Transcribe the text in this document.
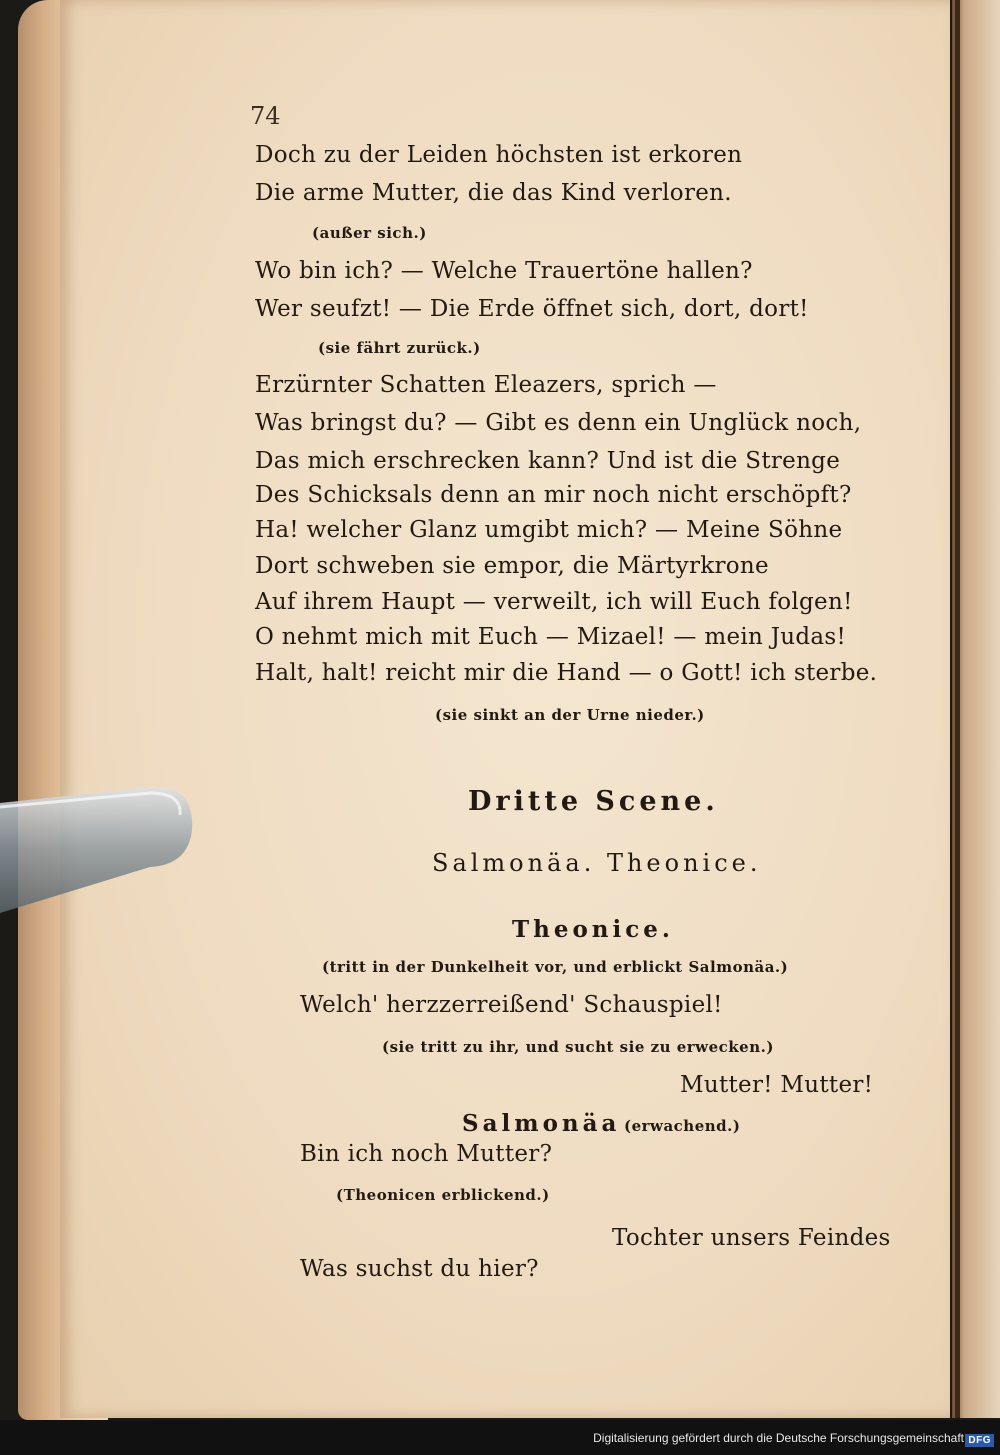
74
Doch zu der Leiden höchsten ist erkoren
Die arme Mutter, die das Kind verloren.
(außer sich.)
Wo bin ich? — Welche Trauertöne hallen?
Wer seufzt! — Die Erde öffnet sich, dort, dort!
(sie fährt zurück.)
Erzürnter Schatten Eleazers, sprich —
Was bringst du? — Gibt es denn ein Unglück noch,
Das mich erschrecken kann? Und ist die Strenge
Des Schicksals denn an mir noch nicht erschöpft?
Ha! welcher Glanz umgibt mich? — Meine Söhne
Dort schweben sie empor, die Märtyrkrone
Auf ihrem Haupt — verweilt, ich will Euch folgen!
O nehmt mich mit Euch — Mizael! — mein Judas!
Halt, halt! reicht mir die Hand — o Gott! ich sterbe.
(sie sinkt an der Urne nieder.)
Dritte Scene.
Salmonäa. Theonice.
Theonice.
(tritt in der Dunkelheit vor, und erblickt Salmonäa.)
Welch' herzzerreißend' Schauspiel!
(sie tritt zu ihr, und sucht sie zu erwecken.)
Mutter! Mutter!
Salmonäa (erwachend.)
Bin ich noch Mutter?
(Theonicen erblickend.)
Tochter unsers Feindes
Was suchst du hier?
Digitalisierung gefördert durch die Deutsche Forschungsgemeinschaft DFG
